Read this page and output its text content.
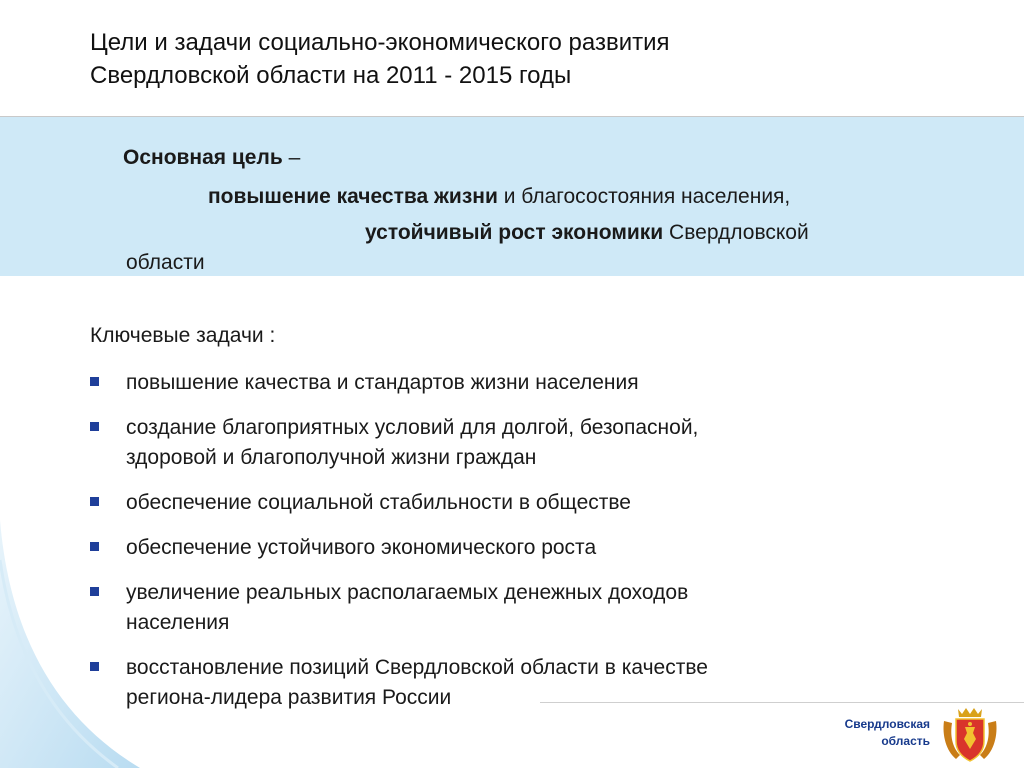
Цели и задачи социально-экономического развития
Свердловской области на 2011 - 2015 годы
Основная цель –
повышение качества жизни и благосостояния населения,
устойчивый рост экономики Свердловской
области
Ключевые задачи :
повышение качества и стандартов жизни населения
создание благоприятных условий для долгой, безопасной,
здоровой и благополучной жизни граждан
обеспечение социальной стабильности в обществе
обеспечение устойчивого экономического роста
увеличение реальных располагаемых денежных доходов
населения
восстановление позиций Свердловской области в качестве
региона-лидера развития России
Свердловская
область
